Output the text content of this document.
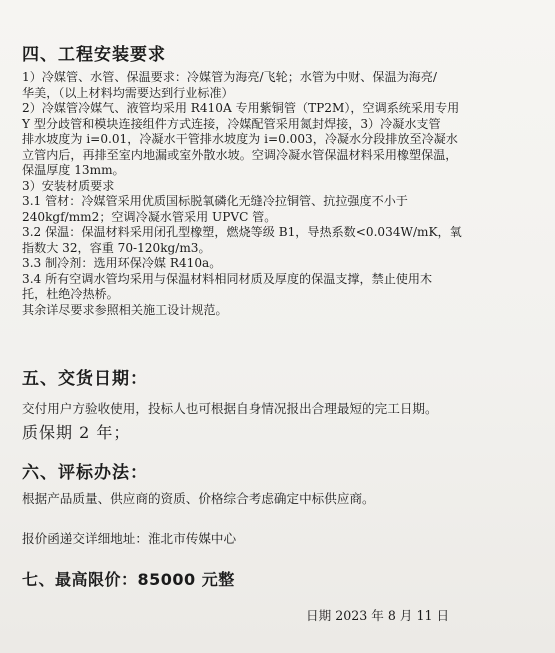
四、工程安装要求

1）冷媒管、水管、保温要求：冷媒管为海亮/飞轮；水管为中财、保温为海亮/

华美，（以上材料均需要达到行业标准）

2）冷媒管冷媒气、液管均采用 R410A 专用紫铜管（TP2M），空调系统采用专用

Y 型分歧管和模块连接组件方式连接，冷媒配管采用氮封焊接，3）冷凝水支管

排水坡度为 i=0.01，冷凝水干管排水坡度为 i=0.003，冷凝水分段排放至冷凝水

立管内后，再排至室内地漏或室外散水坡。空调冷凝水管保温材料采用橡塑保温，

保温厚度 13mm。

3）安装材质要求

3.1 管材：冷媒管采用优质国标脱氧磷化无缝冷拉铜管、抗拉强度不小于

240kgf/mm2；空调冷凝水管采用 UPVC 管。

3.2 保温：保温材料采用闭孔型橡塑，燃烧等级 B1，导热系数<0.034W/mK，氧

指数大 32，容重 70-120kg/m3。

3.3 制冷剂：选用环保冷媒 R410a。

3.4 所有空调水管均采用与保温材料相同材质及厚度的保温支撑，禁止使用木

托，杜绝冷热桥。

其余详尽要求参照相关施工设计规范。

五、交货日期：
交付用户方验收使用，投标人也可根据自身情况报出合理最短的完工日期。
质保期 2 年；
六、评标办法：
根据产品质量、供应商的资质、价格综合考虑确定中标供应商。
报价函递交详细地址：淮北市传媒中心
七、最高限价：85000 元整
日期 2023 年 8 月 11 日
